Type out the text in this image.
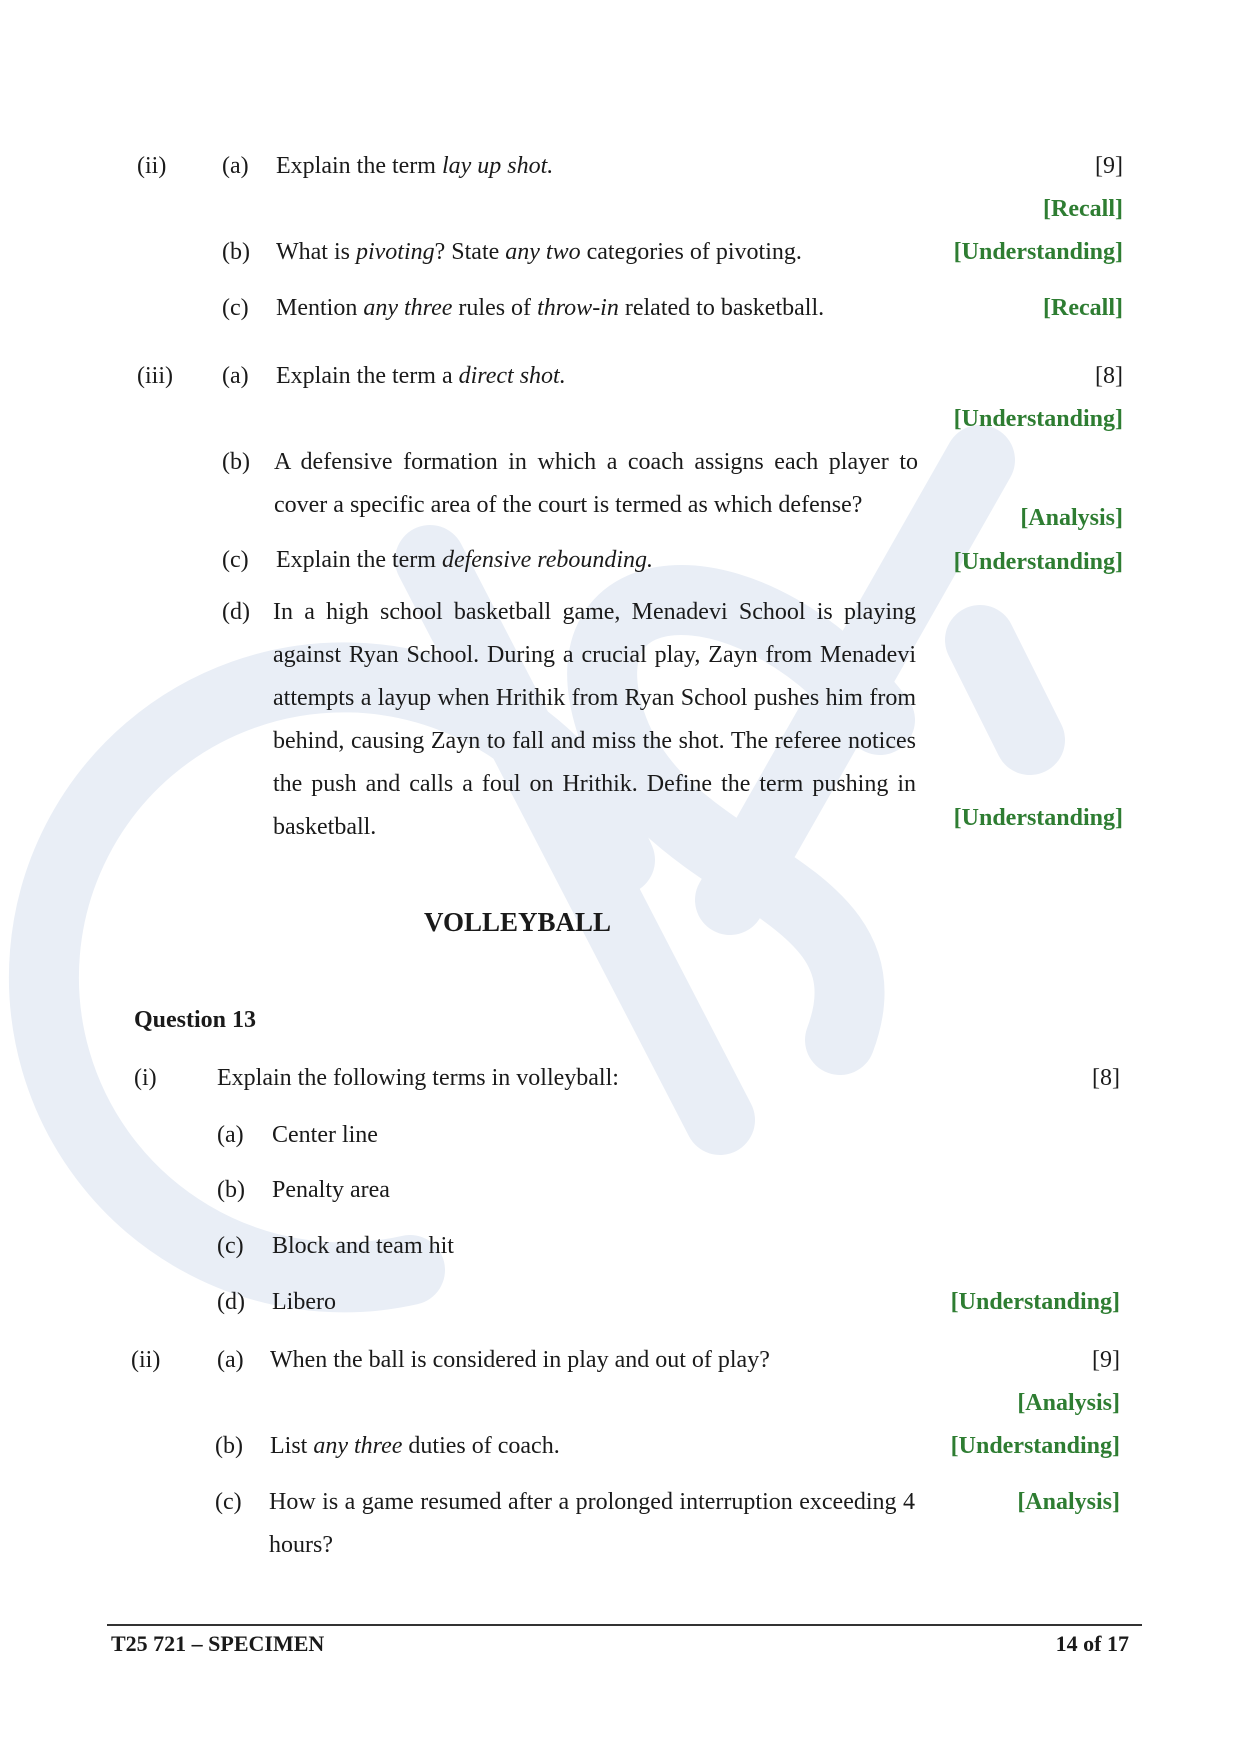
(ii) (a) Explain the term lay up shot.	[9]
[Recall]
(b) What is pivoting? State any two categories of pivoting.	[Understanding]
(c) Mention any three rules of throw-in related to basketball.	[Recall]
(iii) (a) Explain the term a direct shot.	[8]
[Understanding]
(b) A defensive formation in which a coach assigns each player to cover a specific area of the court is termed as which defense?	[Analysis]
(c) Explain the term defensive rebounding.	[Understanding]
(d) In a high school basketball game, Menadevi School is playing against Ryan School. During a crucial play, Zayn from Menadevi attempts a layup when Hrithik from Ryan School pushes him from behind, causing Zayn to fall and miss the shot. The referee notices the push and calls a foul on Hrithik. Define the term pushing in basketball.	[Understanding]
VOLLEYBALL
Question 13
(i)	Explain the following terms in volleyball:	[8]
(a) Center line
(b) Penalty area
(c) Block and team hit
(d) Libero	[Understanding]
(ii) (a) When the ball is considered in play and out of play?	[9]
[Analysis]
(b) List any three duties of coach.	[Understanding]
(c) How is a game resumed after a prolonged interruption exceeding 4 hours?
[Analysis]
T25 721 – SPECIMEN	14 of 17
